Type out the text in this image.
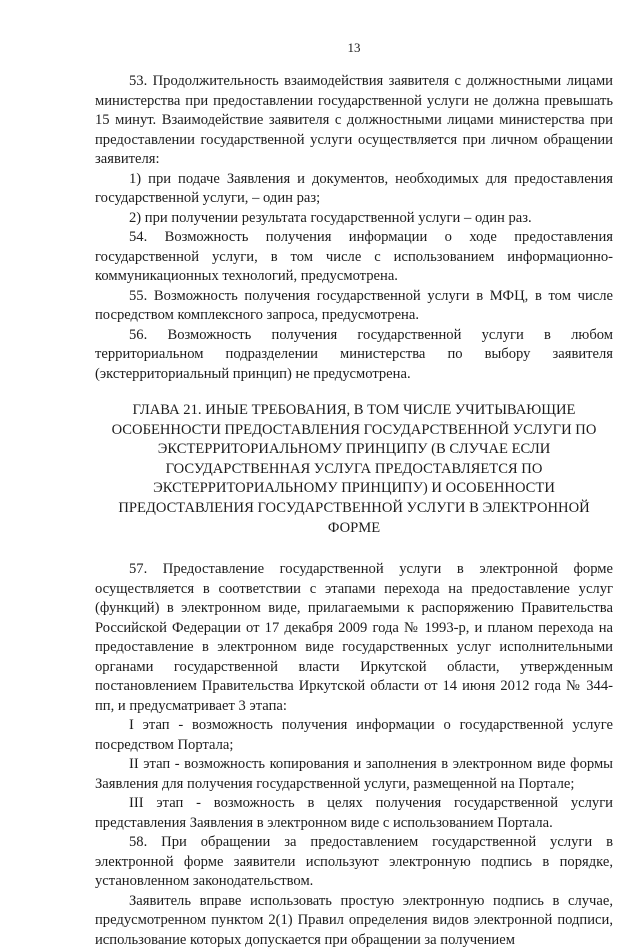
13

53. Продолжительность взаимодействия заявителя с должностными лицами министерства при предоставлении государственной услуги не должна превышать 15 минут. Взаимодействие заявителя с должностными лицами министерства при предоставлении государственной услуги осуществляется при личном обращении заявителя:

1) при подаче Заявления и документов, необходимых для предоставления государственной услуги, – один раз;

2) при получении результата государственной услуги – один раз.

54. Возможность получения информации о ходе предоставления государственной услуги, в том числе с использованием информационно-коммуникационных технологий, предусмотрена.

55. Возможность получения государственной услуги в МФЦ, в том числе посредством комплексного запроса, предусмотрена.

56. Возможность получения государственной услуги в любом территориальном подразделении министерства по выбору заявителя (экстерриториальный принцип) не предусмотрена.

ГЛАВА 21. ИНЫЕ ТРЕБОВАНИЯ, В ТОМ ЧИСЛЕ УЧИТЫВАЮЩИЕ ОСОБЕННОСТИ ПРЕДОСТАВЛЕНИЯ ГОСУДАРСТВЕННОЙ УСЛУГИ ПО ЭКСТЕРРИТОРИАЛЬНОМУ ПРИНЦИПУ (В СЛУЧАЕ ЕСЛИ ГОСУДАРСТВЕННАЯ УСЛУГА ПРЕДОСТАВЛЯЕТСЯ ПО ЭКСТЕРРИТОРИАЛЬНОМУ ПРИНЦИПУ) И ОСОБЕННОСТИ ПРЕДОСТАВЛЕНИЯ ГОСУДАРСТВЕННОЙ УСЛУГИ В ЭЛЕКТРОННОЙ ФОРМЕ

57. Предоставление государственной услуги в электронной форме осуществляется в соответствии с этапами перехода на предоставление услуг (функций) в электронном виде, прилагаемыми к распоряжению Правительства Российской Федерации от 17 декабря 2009 года № 1993-р, и планом перехода на предоставление в электронном виде государственных услуг исполнительными органами государственной власти Иркутской области, утвержденным постановлением Правительства Иркутской области от 14 июня 2012 года № 344-пп, и предусматривает 3 этапа:

I этап - возможность получения информации о государственной услуге посредством Портала;

II этап - возможность копирования и заполнения в электронном виде формы Заявления для получения государственной услуги, размещенной на Портале;

III этап - возможность в целях получения государственной услуги представления Заявления в электронном виде с использованием Портала.

58. При обращении за предоставлением государственной услуги в электронной форме заявители используют электронную подпись в порядке, установленном законодательством.

Заявитель вправе использовать простую электронную подпись в случае, предусмотренном пунктом 2(1) Правил определения видов электронной подписи, использование которых допускается при обращении за получением
